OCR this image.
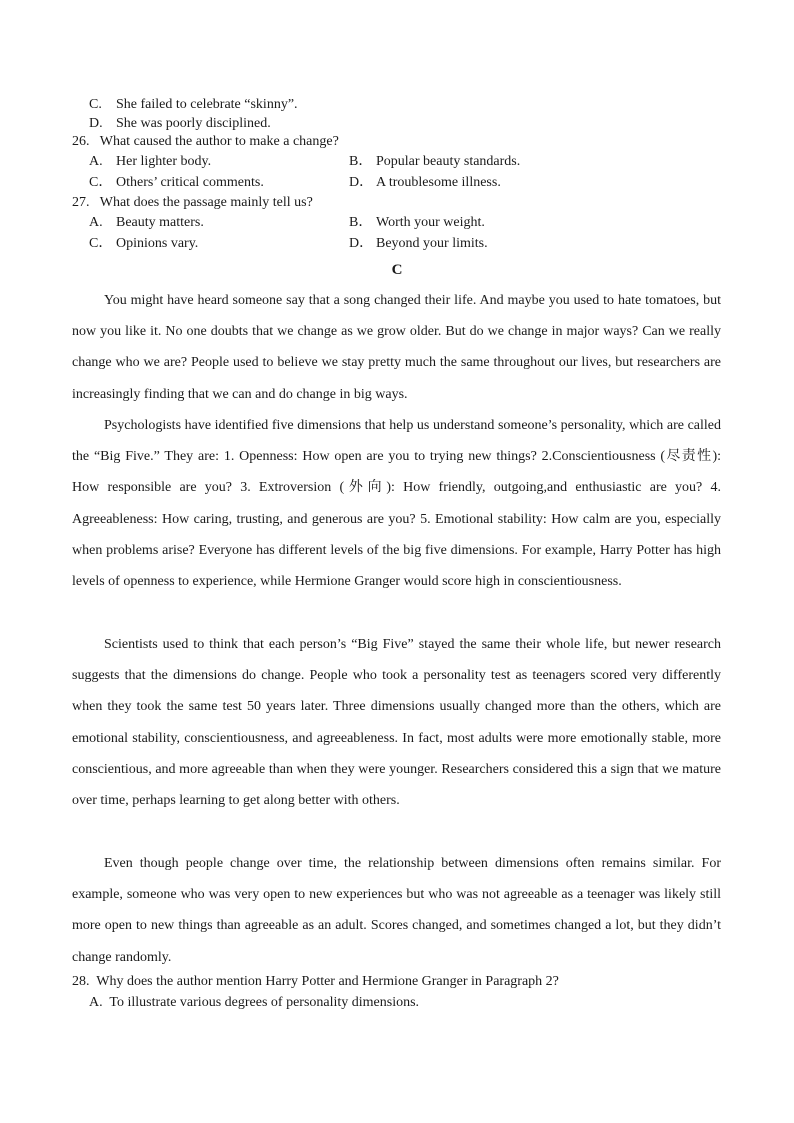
C. She failed to celebrate “skinny”.
D. She was poorly disciplined.
26. What caused the author to make a change?
A. Her lighter body.	B． Popular beauty standards.
C． Others’ critical comments.	D． A troublesome illness.
27. What does the passage mainly tell us?
A. Beauty matters.	B． Worth your weight.
C． Opinions vary.	D． Beyond your limits.
C

You might have heard someone say that a song changed their life. And maybe you used to hate tomatoes, but now you like it. No one doubts that we change as we grow older. But do we change in major ways? Can we really change who we are? People used to believe we stay pretty much the same throughout our lives, but researchers are increasingly finding that we can and do change in big ways.

Psychologists have identified five dimensions that help us understand someone’s personality, which are called the “Big Five.” They are: 1. Openness: How open are you to trying new things? 2.Conscientiousness (尽责性): How responsible are you? 3. Extroversion (外向): How friendly, outgoing,and enthusiastic are you? 4. Agreeableness: How caring, trusting, and generous are you? 5. Emotional stability: How calm are you, especially when problems arise? Everyone has different levels of the big five dimensions. For example, Harry Potter has high levels of openness to experience, while Hermione Granger would score high in conscientiousness.

Scientists used to think that each person’s “Big Five” stayed the same their whole life, but newer research suggests that the dimensions do change. People who took a personality test as teenagers scored very differently when they took the same test 50 years later. Three dimensions usually changed more than the others, which are emotional stability, conscientiousness, and agreeableness. In fact, most adults were more emotionally stable, more conscientious, and more agreeable than when they were younger. Researchers considered this a sign that we mature over time, perhaps learning to get along better with others.

Even though people change over time, the relationship between dimensions often remains similar. For example, someone who was very open to new experiences but who was not agreeable as a teenager was likely still more open to new things than agreeable as an adult. Scores changed, and sometimes changed a lot, but they didn’t change randomly.

28. Why does the author mention Harry Potter and Hermione Granger in Paragraph 2?
A. To illustrate various degrees of personality dimensions.
